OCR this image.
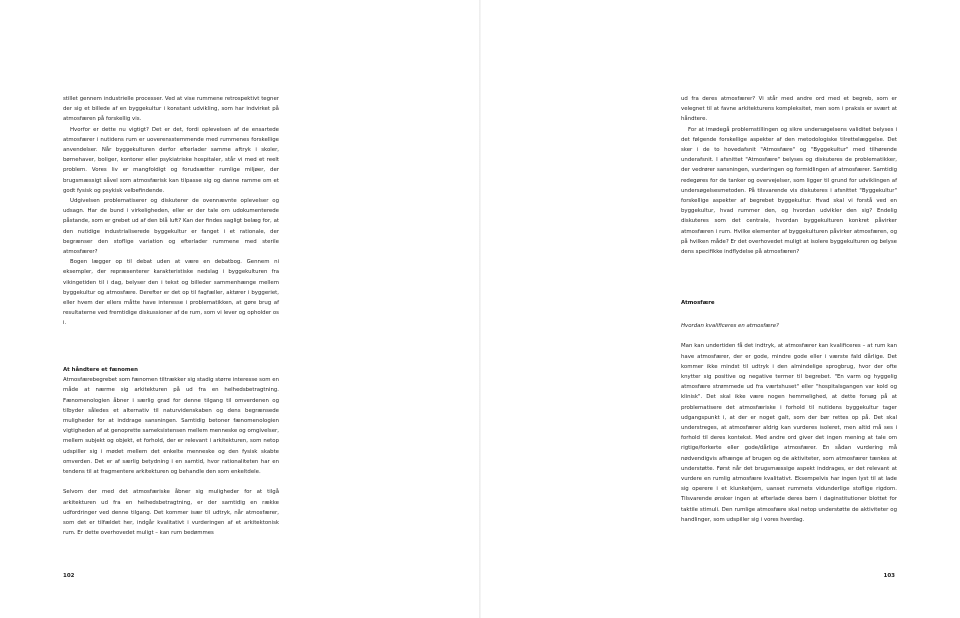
stillet gennem industrielle processer. Ved at vise rummene retrospektivt tegner der sig et billede af en byggekultur i konstant udvikling, som har indvirket på atmosfæren på forskellig vis.

Hvorfor er dette nu vigtigt? Det er det, fordi oplevelsen af de ensartede atmosfærer i nutidens rum er uoverensstemmende med rummenes forskellige anvendelser. Når byggekulturen derfor efterlader samme aftryk i skoler, børnehaver, boliger, kontorer eller psykiatriske hospitaler, står vi med et reelt problem. Vores liv er mangfoldigt og forudsætter rumlige miljøer, der brugsmæssigt såvel som atmosfærisk kan tilpasse sig og danne ramme om et godt fysisk og psykisk velbefindende.

Udgivelsen problematiserer og diskuterer de ovennævnte oplevelser og udsagn. Har de bund i virkeligheden, eller er der tale om udokumenterede påstande, som er grebet ud af den blå luft? Kan der findes sagligt belæg for, at den nutidige industrialiserede byggekultur er fanget i et rationale, der begrænser den stoflige variation og efterlader rummene med sterile atmosfærer?

Bogen lægger op til debat uden at være en debatbog. Gennem ni eksempler, der repræsenterer karakteristiske nedslag i byggekulturen fra vikingetiden til i dag, belyser den i tekst og billeder sammenhænge mellem byggekultur og atmosfære. Derefter er det op til fagfæller, aktører i byggeriet, eller hvem der ellers måtte have interesse i problematikken, at gøre brug af resultaterne ved fremtidige diskussioner af de rum, som vi lever og opholder os i.

At håndtere et fænomen

Atmosfærebegrebet som fænomen tiltrækker sig stadig større interesse som en måde at nærme sig arkitekturen på ud fra en helhedsbetragtning. Fænomenologien åbner i særlig grad for denne tilgang til omverdenen og tilbyder således et alternativ til naturvidenskaben og dens begrænsede muligheder for at inddrage sansningen. Samtidig betoner fænomenologien vigtigheden af at genoprette sameksistensen mellem menneske og omgivelser, mellem subjekt og objekt, et forhold, der er relevant i arkitekturen, som netop udspiller sig i mødet mellem det enkelte menneske og den fysisk skabte omverden. Det er af særlig betydning i en samtid, hvor rationaliteten har en tendens til at fragmentere arkitekturen og behandle den som enkeltdele.

Selvom der med det atmosfæriske åbner sig muligheder for at tilgå arkitekturen ud fra en helhedsbetragtning, er der samtidig en række udfordringer ved denne tilgang. Det kommer især til udtryk, når atmosfærer, som det er tilfældet her, indgår kvalitativt i vurderingen af et arkitektonisk rum. Er dette overhovedet muligt – kan rum bedømmes

102

ud fra deres atmosfærer? Vi står med andre ord med et begreb, som er velegnet til at favne arkitekturens kompleksitet, men som i praksis er svært at håndtere.

For at imødegå problemstillingen og sikre undersøgelsens validitet belyses i det følgende forskellige aspekter af den metodologiske tilrettelæggelse. Det sker i de to hovedafsnit "Atmosfære" og "Byggekultur" med tilhørende underafsnit. I afsnittet "Atmosfære" belyses og diskuteres de problematikker, der vedrører sansningen, vurderingen og formidlingen af atmosfærer. Samtidig redegøres for de tanker og overvejelser, som ligger til grund for udviklingen af undersøgelsesmetoden. På tilsvarende vis diskuteres i afsnittet "Byggekultur" forskellige aspekter af begrebet byggekultur. Hvad skal vi forstå ved en byggekultur, hvad rummer den, og hvordan udvikler den sig? Endelig diskuteres som det centrale, hvordan byggekulturen konkret påvirker atmosfæren i rum. Hvilke elementer af byggekulturen påvirker atmosfæren, og på hvilken måde? Er det overhovedet muligt at isolere byggekulturen og belyse dens specifikke indflydelse på atmosfæren?

Atmosfære

Hvordan kvalificeres en atmosfære?

Man kan undertiden få det indtryk, at atmosfærer kan kvalificeres – at rum kan have atmosfærer, der er gode, mindre gode eller i værste fald dårlige. Det kommer ikke mindst til udtryk i den almindelige sprogbrug, hvor der ofte knytter sig positive og negative termer til begrebet. "En varm og hyggelig atmosfære strømmede ud fra værtshuset" eller "hospitalsgangen var kold og klinisk". Det skal ikke være nogen hemmelighed, at dette forsøg på at problematisere det atmosfæriske i forhold til nutidens byggekultur tager udgangspunkt i, at der er noget galt, som der bør rettes op på. Det skal understreges, at atmosfærer aldrig kan vurderes isoleret, men altid må ses i forhold til deres kontekst. Med andre ord giver det ingen mening at tale om rigtige/forkerte eller gode/dårlige atmosfærer. En sådan vurdering må nødvendigvis afhænge af brugen og de aktiviteter, som atmosfærer tænkes at understøtte. Først når det brugsmæssige aspekt inddrages, er det relevant at vurdere en rumlig atmosfære kvalitativt. Eksempelvis har ingen lyst til at lade sig operere i et klunkehjem, uanset rummets vidunderlige stoflige rigdom. Tilsvarende ønsker ingen at efterlade deres børn i daginstitutioner blottet for taktile stimuli. Den rumlige atmosfære skal netop understøtte de aktiviteter og handlinger, som udspiller sig i vores hverdag.

103
